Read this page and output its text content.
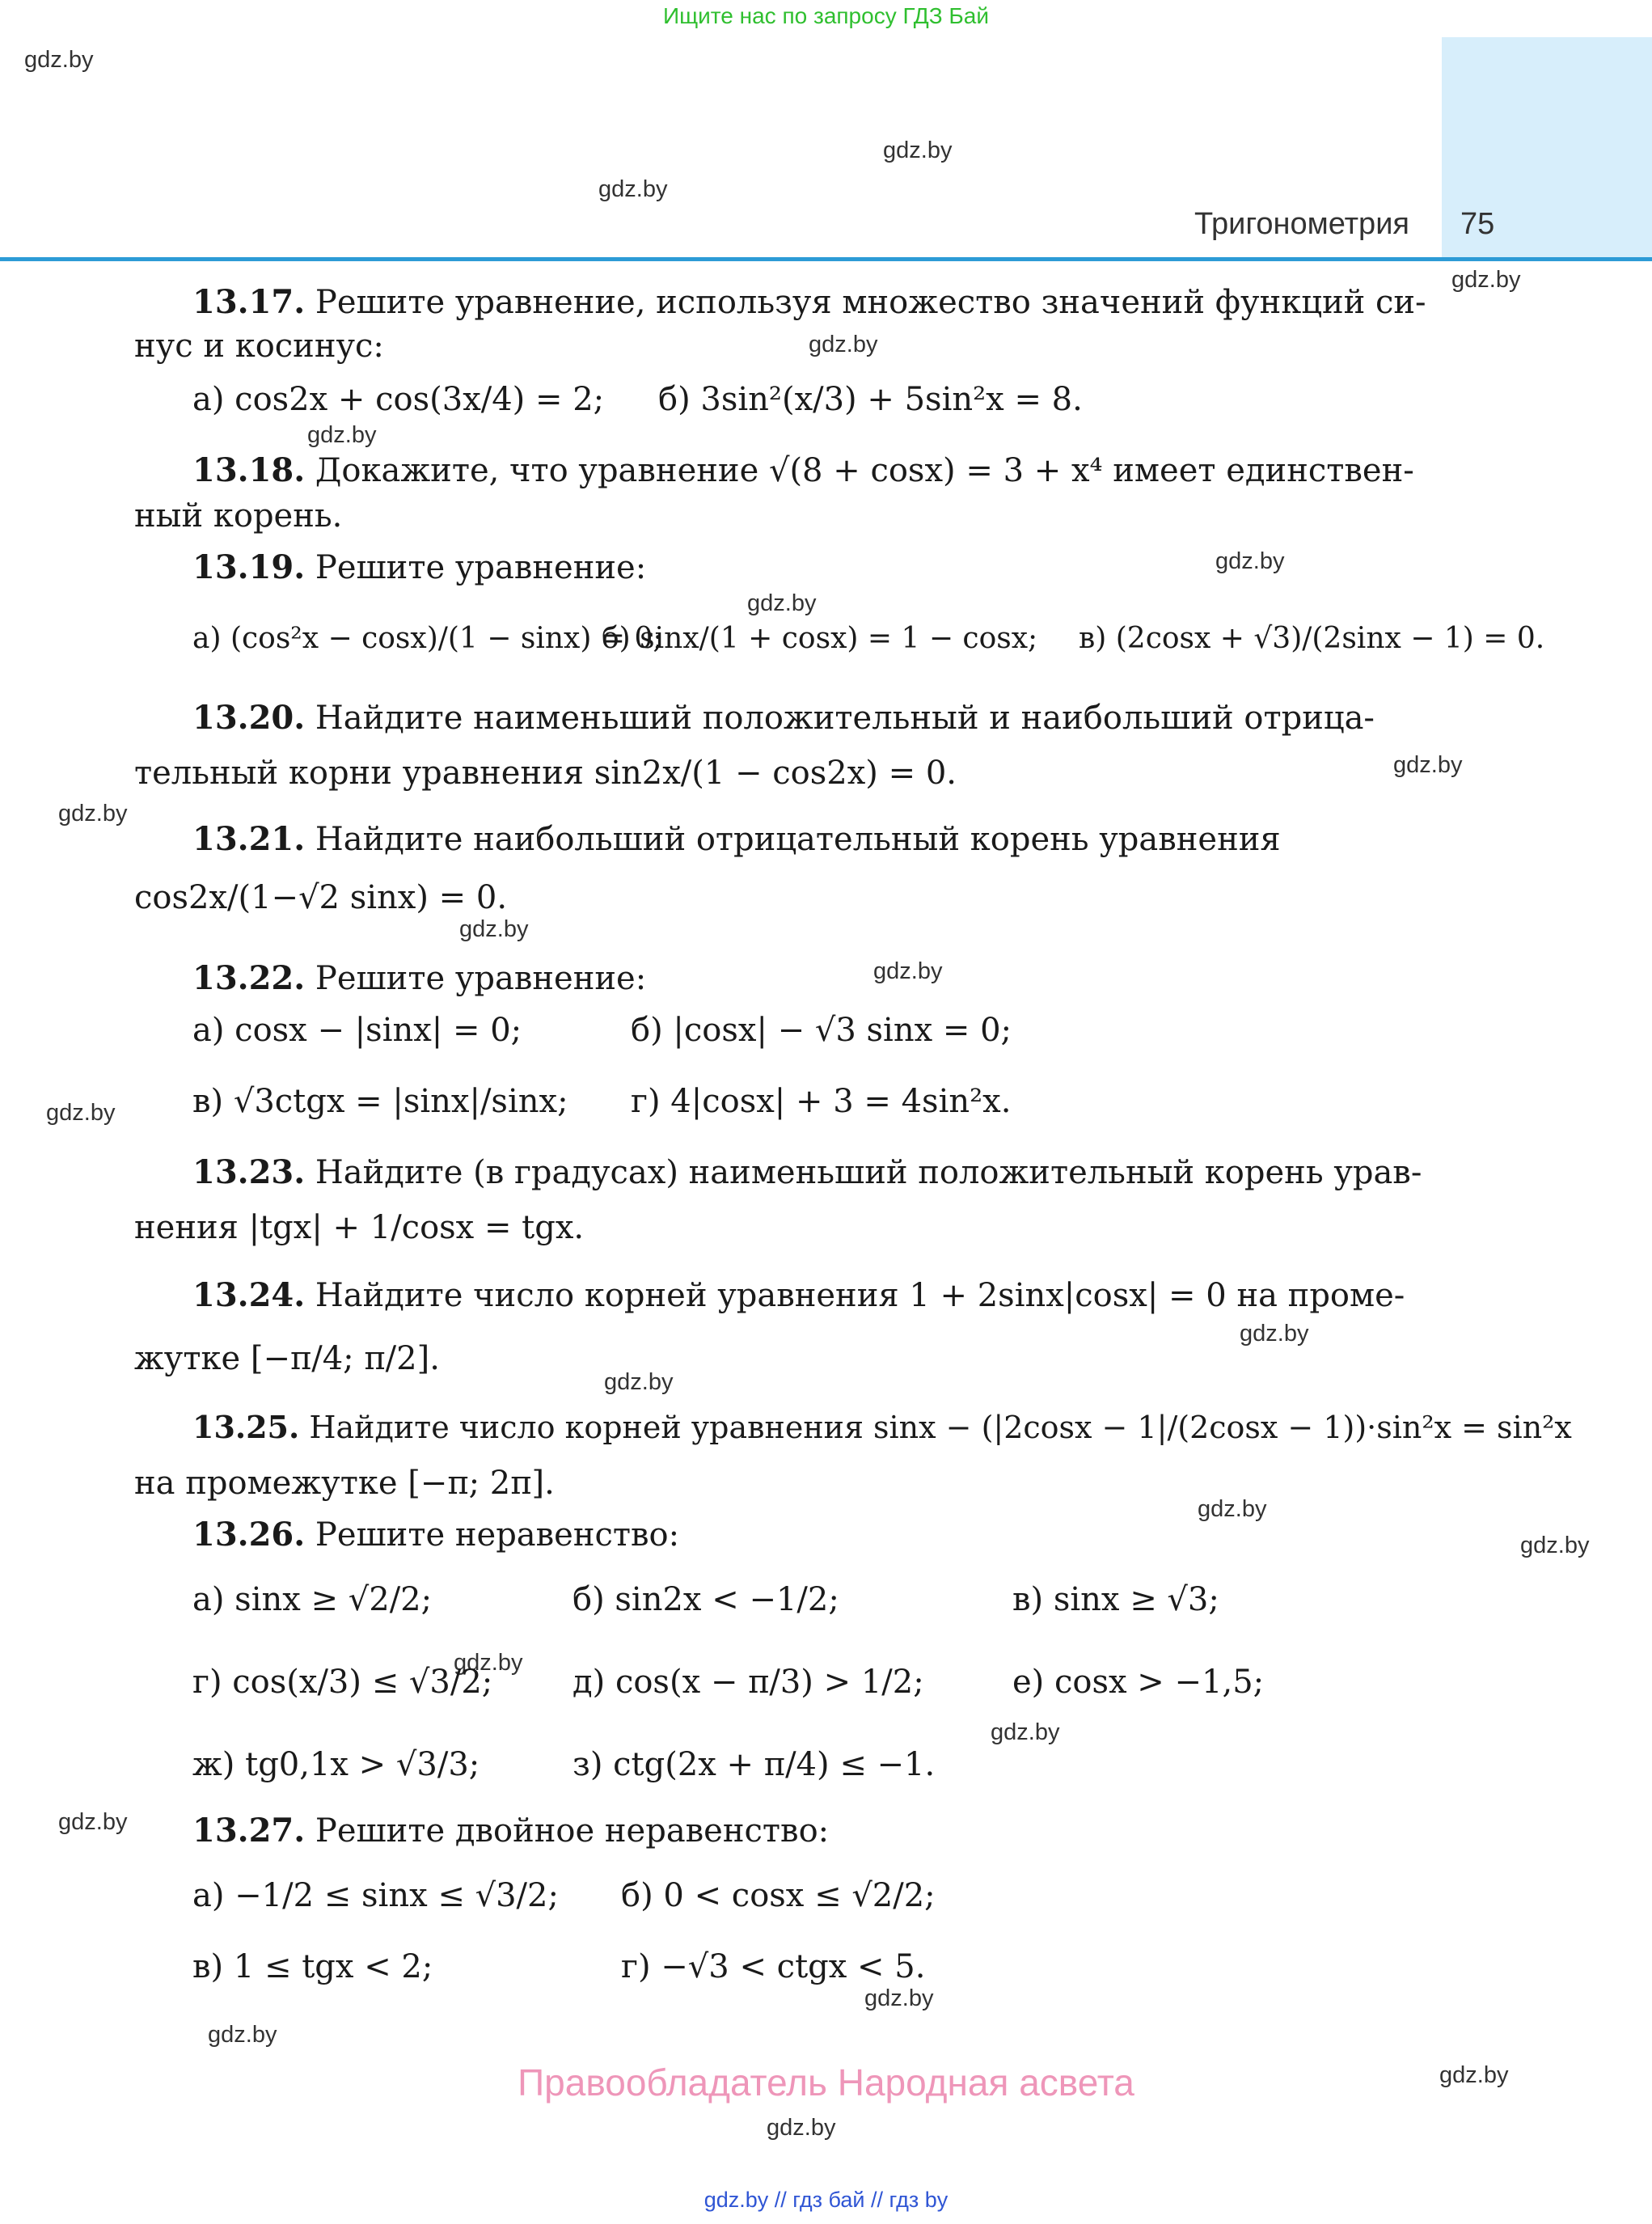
Ищите нас по запросу ГДЗ Бай
Тригонометрия 75
gdz.by
gdz.by
gdz.by
gdz.by
gdz.by
gdz.by
gdz.by
gdz.by
gdz.by
gdz.by
gdz.by
gdz.by
gdz.by
gdz.by
gdz.by
gdz.by
gdz.by
gdz.by
gdz.by
gdz.by
gdz.by
gdz.by
gdz.by
gdz.by
13.17. Решите уравнение, используя множество значений функций си-
нус и косинус:
а) cos2x + cos(3x/4) = 2; б) 3sin²(x/3) + 5sin²x = 8.
13.18. Докажите, что уравнение √(8 + cosx) = 3 + x⁴ имеет единствен-
ный корень.
13.19. Решите уравнение:
а) (cos²x − cosx)/(1 − sinx) = 0;
б) sinx/(1 + cosx) = 1 − cosx; в) (2cosx + √3)/(2sinx − 1) = 0.
13.20. Найдите наименьший положительный и наибольший отрица-
тельный корни уравнения sin2x/(1 − cos2x) = 0.
13.21. Найдите наибольший отрицательный корень уравнения
cos2x/(1−√2 sinx) = 0.
13.22. Решите уравнение:
а) cosx − |sinx| = 0;	б) |cosx| − √3 sinx = 0;
в) √3ctgx = |sinx|/sinx; г) 4|cosx| + 3 = 4sin²x.
13.23. Найдите (в градусах) наименьший положительный корень урав-
нения |tgx| + 1/cosx = tgx.
13.24. Найдите число корней уравнения 1 + 2sinx|cosx| = 0 на проме-
жутке [−π/4; π/2].
13.25. Найдите число корней уравнения sinx − (|2cosx − 1|/(2cosx − 1))·sin²x = sin²x
на промежутке [−π; 2π].
13.26. Решите неравенство:
а) sinx ≥ √2/2;	б) sin2x < −1/2;	в) sinx ≥ √3;
г) cos(x/3) ≤ √3/2; д) cos(x − π/3) > 1/2;	е) cosx > −1,5;
ж) tg0,1x > √3/3;	з) ctg(2x + π/4) ≤ −1.
13.27. Решите двойное неравенство:
а) −1/2 ≤ sinx ≤ √3/2; б) 0 < cosx ≤ √2/2;
в) 1 ≤ tgx < 2;	г) −√3 < ctgx < 5.
Правообладатель Народная асвета
gdz.by // гдз бай // гдз by
